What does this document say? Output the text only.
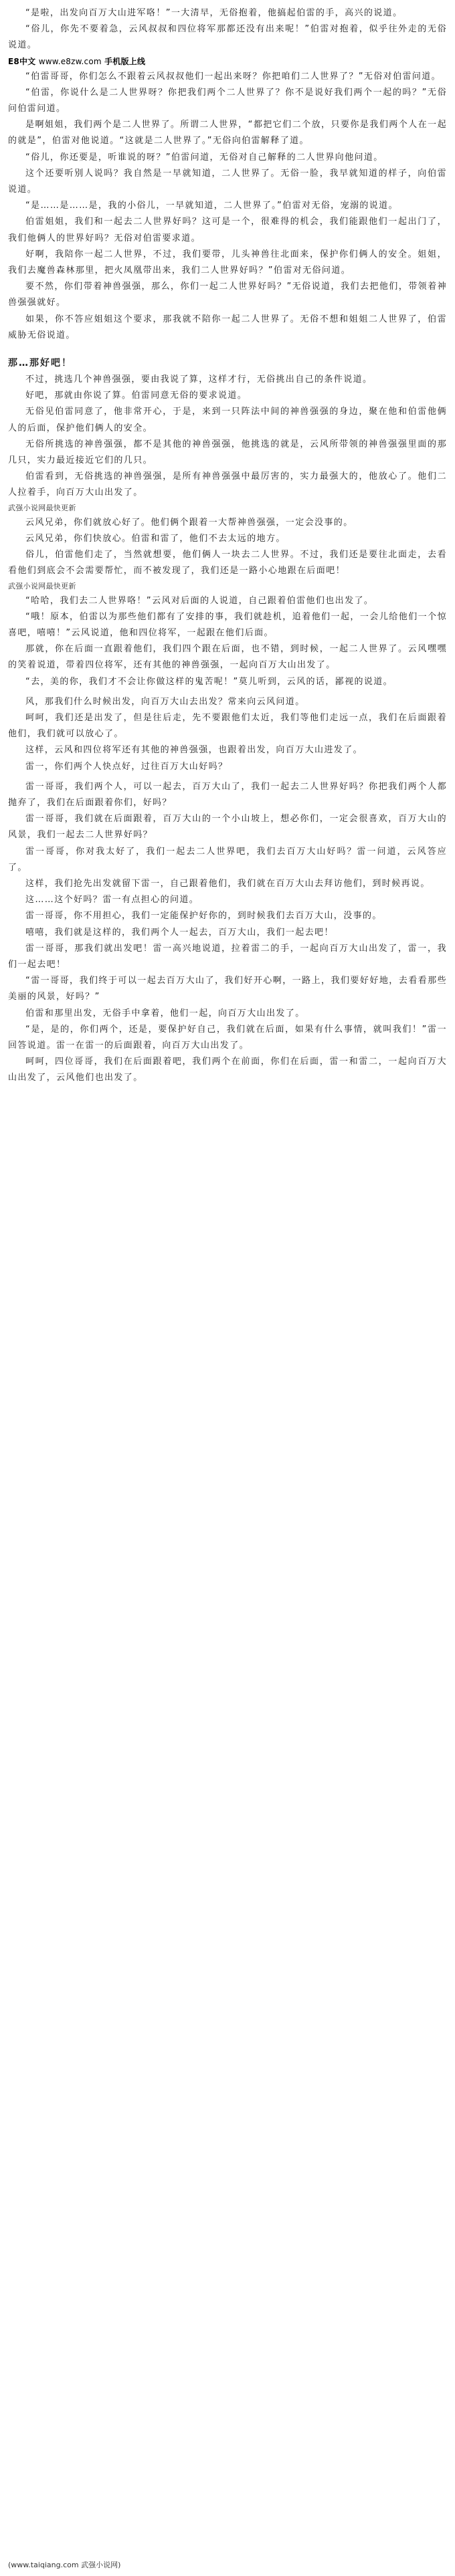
“是啦，出发向百万大山进军咯！”一大清早，无俗抱着，他搞起伯雷的手，高兴的说道。

“俗儿，你先不要着急，云风叔叔和四位将军那都还没有出来呢！”伯雷对抱着，似乎往外走的无俗说道。

E8中文 www.e8zw.com 手机版上线

“伯雷哥哥，你们怎么不跟着云风叔叔他们一起出来呀？你把咱们二人世界了？”无俗对伯雷问道。

“伯雷，你说什么是二人世界呀？你把我们两个二人世界了？你不是说好我们两个一起的吗？”无俗问伯雷问道。

是啊姐姐，我们两个是二人世界了。所谓二人世界，“都把它们二个放，只要你是我们两个人在一起的就是”，伯雷对他说道。“这就是二人世界了。”无俗向伯雷解释了道。

“俗儿，你还要是，听谁说的呀？”伯雷问道，无俗对自己解释的二人世界向他问道。

这个还要听别人说吗？我自然是一早就知道，二人世界了。无俗一脸，我早就知道的样子，向伯雷说道。

“是……是……是，我的小俗儿，一早就知道，二人世界了。”伯雷对无俗，宠溺的说道。

伯雷姐姐，我们和一起去二人世界好吗？这可是一个，很难得的机会，我们能跟他们一起出门了，我们他俩人的世界好吗？无俗对伯雷要求道。

好啊，我陪你一起二人世界，不过，我们要带，儿头神兽往北面来，保护你们俩人的安全。姐姐，我们去魔兽森林那里，把火凤凰带出来，我们二人世界好吗？”伯雷对无俗问道。

要不然，你们带着神兽强强，那么，你们一起二人世界好吗？”无俗说道，我们去把他们，带领着神兽强强就好。

如果，你不答应姐姐这个要求，那我就不陪你一起二人世界了。无俗不想和姐姐二人世界了，伯雷威胁无俗说道。

那…那好吧！

不过，挑选几个神兽强强，要由我说了算，这样才行，无俗挑出自己的条件说道。

好吧，那就由你说了算。伯雷同意无俗的要求说道。

无俗见伯雷同意了，他非常开心，于是，来到一只阵法中间的神兽强强的身边，聚在他和伯雷他俩人的后面，保护他们俩人的安全。

无俗所挑选的神兽强强，都不是其他的神兽强强，他挑选的就是，云风所带领的神兽强强里面的那几只，实力最近接近它们的几只。

伯雷看到，无俗挑选的神兽强强，是所有神兽强强中最厉害的，实力最强大的，他放心了。他们二人拉着手，向百万大山出发了。

武强小说网最快更新

云风兄弟，你们就放心好了。他们俩个跟着一大帮神兽强强，一定会没事的。

云风兄弟，你们快放心。伯雷和雷了，他们不去太远的地方。

俗儿，伯雷他们走了，当然就想要，他们俩人一块去二人世界。不过，我们还是要往北面走，去看看他们到底会不会需要帮忙，而不被发现了，我们还是一路小心地跟在后面吧！

武强小说网最快更新

“哈哈，我们去二人世界咯！”云风对后面的人说道，自己跟着伯雷他们也出发了。

“哦！原本，伯雷以为那些他们都有了安排的事，我们就趁机，追着他们一起，一会儿给他们一个惊喜吧，嘻嘻！”云风说道，他和四位将军，一起跟在他们后面。

那就，你在后面一直跟着他们，我们四个跟在后面，也不错，到时候，一起二人世界了。云风嘿嘿的笑着说道，带着四位将军，还有其他的神兽强强，一起向百万大山出发了。

“去，美的你，我们才不会让你做这样的鬼苦呢！”莫儿听到，云风的话，鄙视的说道。

风，那我们什么时候出发，向百万大山去出发？常来向云风问道。

呵呵，我们还是出发了，但是往后走，先不要跟他们太近，我们等他们走远一点，我们在后面跟着他们，我们就可以放心了。

这样，云风和四位将军还有其他的神兽强强，也跟着出发，向百万大山进发了。

雷一，你们两个人快点好，过往百万大山好吗？

雷一哥哥，我们两个人，可以一起去，百万大山了，我们一起去二人世界好吗？你把我们两个人都抛弃了，我们在后面跟着你们，好吗？

雷一哥哥，我们就在后面跟着，百万大山的一个小山坡上，想必你们，一定会很喜欢，百万大山的风景，我们一起去二人世界好吗？

雷一哥哥，你对我太好了，我们一起去二人世界吧，我们去百万大山好吗？雷一问道，云风答应了。

这样，我们抢先出发就留下雷一，自己跟着他们，我们就在百万大山去拜访他们，到时候再说。

这……这个好吗？雷一有点担心的问道。

雷一哥哥，你不用担心，我们一定能保护好你的，到时候我们去百万大山，没事的。

嘻嘻，我们就是这样的，我们两个人一起去，百万大山，我们一起去吧！

雷一哥哥，那我们就出发吧！雷一高兴地说道，拉着雷二的手，一起向百万大山出发了，雷一，我们一起去吧！

“雷一哥哥，我们终于可以一起去百万大山了，我们好开心啊，一路上，我们要好好地，去看看那些美丽的风景，好吗？”

伯雷和那里出发，无俗手中拿着，他们一起，向百万大山出发了。

“是，是的，你们两个，还是，要保护好自己，我们就在后面，如果有什么事情，就叫我们！”雷一回答说道。雷一在雷一的后面跟着，向百万大山出发了。

呵呵，四位哥哥，我们在后面跟着吧，我们两个在前面，你们在后面，雷一和雷二，一起向百万大山出发了，云风他们也出发了。

(www.taiqiang.com 武强小说网)
